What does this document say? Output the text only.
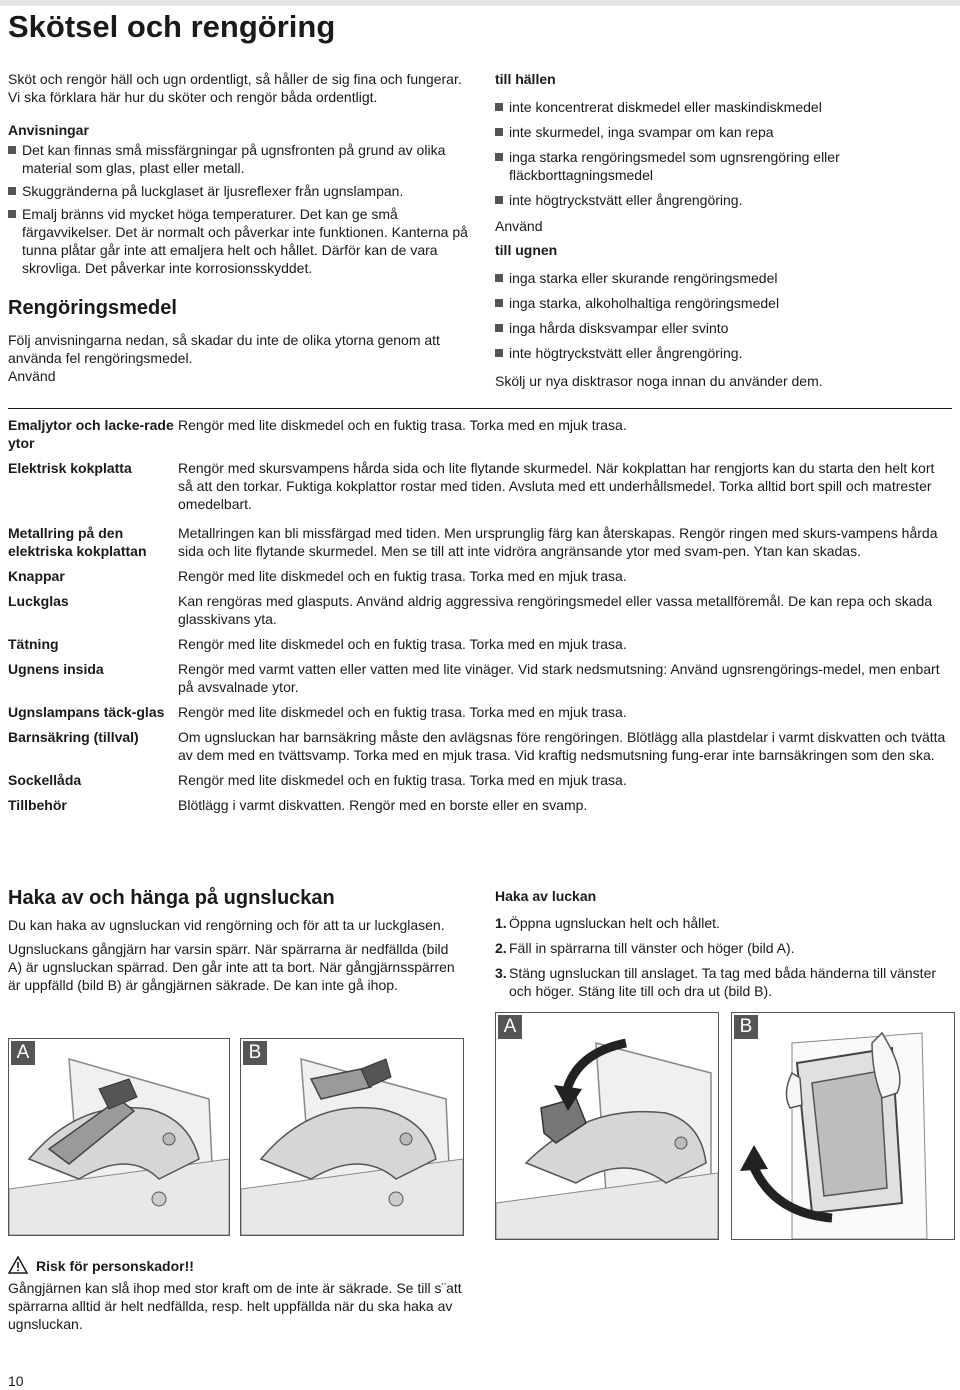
Skötsel och rengöring

Sköt och rengör häll och ugn ordentligt, så håller de sig fina och fungerar. Vi ska förklara här hur du sköter och rengör båda ordentligt.

Anvisningar

Det kan finnas små missfärgningar på ugnsfronten på grund av olika material som glas, plast eller metall.
Skuggränderna på luckglaset är ljusreflexer från ugnslampan.
Emalj bränns vid mycket höga temperaturer. Det kan ge små färgavvikelser. Det är normalt och påverkar inte funktionen. Kanterna på tunna plåtar går inte att emaljera helt och hållet. Därför kan de vara skrovliga. Det påverkar inte korrosionsskyddet.
Rengöringsmedel

Följ anvisningarna nedan, så skadar du inte de olika ytorna genom att använda fel rengöringsmedel.

Använd

till hällen

inte koncentrerat diskmedel eller maskindiskmedel
inte skurmedel, inga svampar om kan repa
inga starka rengöringsmedel som ugnsrengöring eller fläckborttagningsmedel
inte högtryckstvätt eller ångrengöring.

Använd

till ugnen

inga starka eller skurande rengöringsmedel
inga starka, alkoholhaltiga rengöringsmedel
inga hårda disksvampar eller svinto
inte högtryckstvätt eller ångrengöring.

Skölj ur nya disktrasor noga innan du använder dem.

Emaljytor och lacke-rade ytor	Rengör med lite diskmedel och en fuktig trasa. Torka med en mjuk trasa.
Elektrisk kokplatta	Rengör med skursvampens hårda sida och lite flytande skurmedel. När kokplattan har rengjorts kan du starta den helt kort så att den torkar. Fuktiga kokplattor rostar med tiden. Avsluta med ett underhållsmedel. Torka alltid bort spill och matrester omedelbart.
Metallring på den elektriska kokplattan	Metallringen kan bli missfärgad med tiden. Men ursprunglig färg kan återskapas. Rengör ringen med skurs-vampens hårda sida och lite flytande skurmedel. Men se till att inte vidröra angränsande ytor med svam-pen. Ytan kan skadas.
Knappar	Rengör med lite diskmedel och en fuktig trasa. Torka med en mjuk trasa.
Luckglas	Kan rengöras med glasputs. Använd aldrig aggressiva rengöringsmedel eller vassa metallföremål. De kan repa och skada glasskivans yta.
Tätning	Rengör med lite diskmedel och en fuktig trasa. Torka med en mjuk trasa.
Ugnens insida	Rengör med varmt vatten eller vatten med lite vinäger. Vid stark nedsmutsning: Använd ugnsrengörings-medel, men enbart på avsvalnade ytor.
Ugnslampans täck-glas	Rengör med lite diskmedel och en fuktig trasa. Torka med en mjuk trasa.
Barnsäkring (tillval)	Om ugnsluckan har barnsäkring måste den avlägsnas före rengöringen. Blötlägg alla plastdelar i varmt diskvatten och tvätta av dem med en tvättsvamp. Torka med en mjuk trasa. Vid kraftig nedsmutsning fung-erar inte barnsäkringen som den ska.
Sockellåda	Rengör med lite diskmedel och en fuktig trasa. Torka med en mjuk trasa.
Tillbehör	Blötlägg i varmt diskvatten. Rengör med en borste eller en svamp.
Haka av och hänga på ugnsluckan

Du kan haka av ugnsluckan vid rengörning och för att ta ur luckglasen.

Ugnsluckans gångjärn har varsin spärr. När spärrarna är nedfällda (bild A) är ugnsluckan spärrad. Den går inte att ta bort. När gångjärnsspärren är uppfälld (bild B) är gångjärnen säkrade. De kan inte gå ihop.

Haka av luckan

1. Öppna ugnsluckan helt och hållet.
2. Fäll in spärrarna till vänster och höger (bild A).
3. Stäng ugnsluckan till anslaget. Ta tag med båda händerna till vänster och höger. Stäng lite till och dra ut (bild B).
A	B
A	B

Risk för personskador!!

Gångjärnen kan slå ihop med stor kraft om de inte är säkrade. Se till s¨att spärrarna alltid är helt nedfällda, resp. helt uppfällda när du ska haka av ugnsluckan.

10
